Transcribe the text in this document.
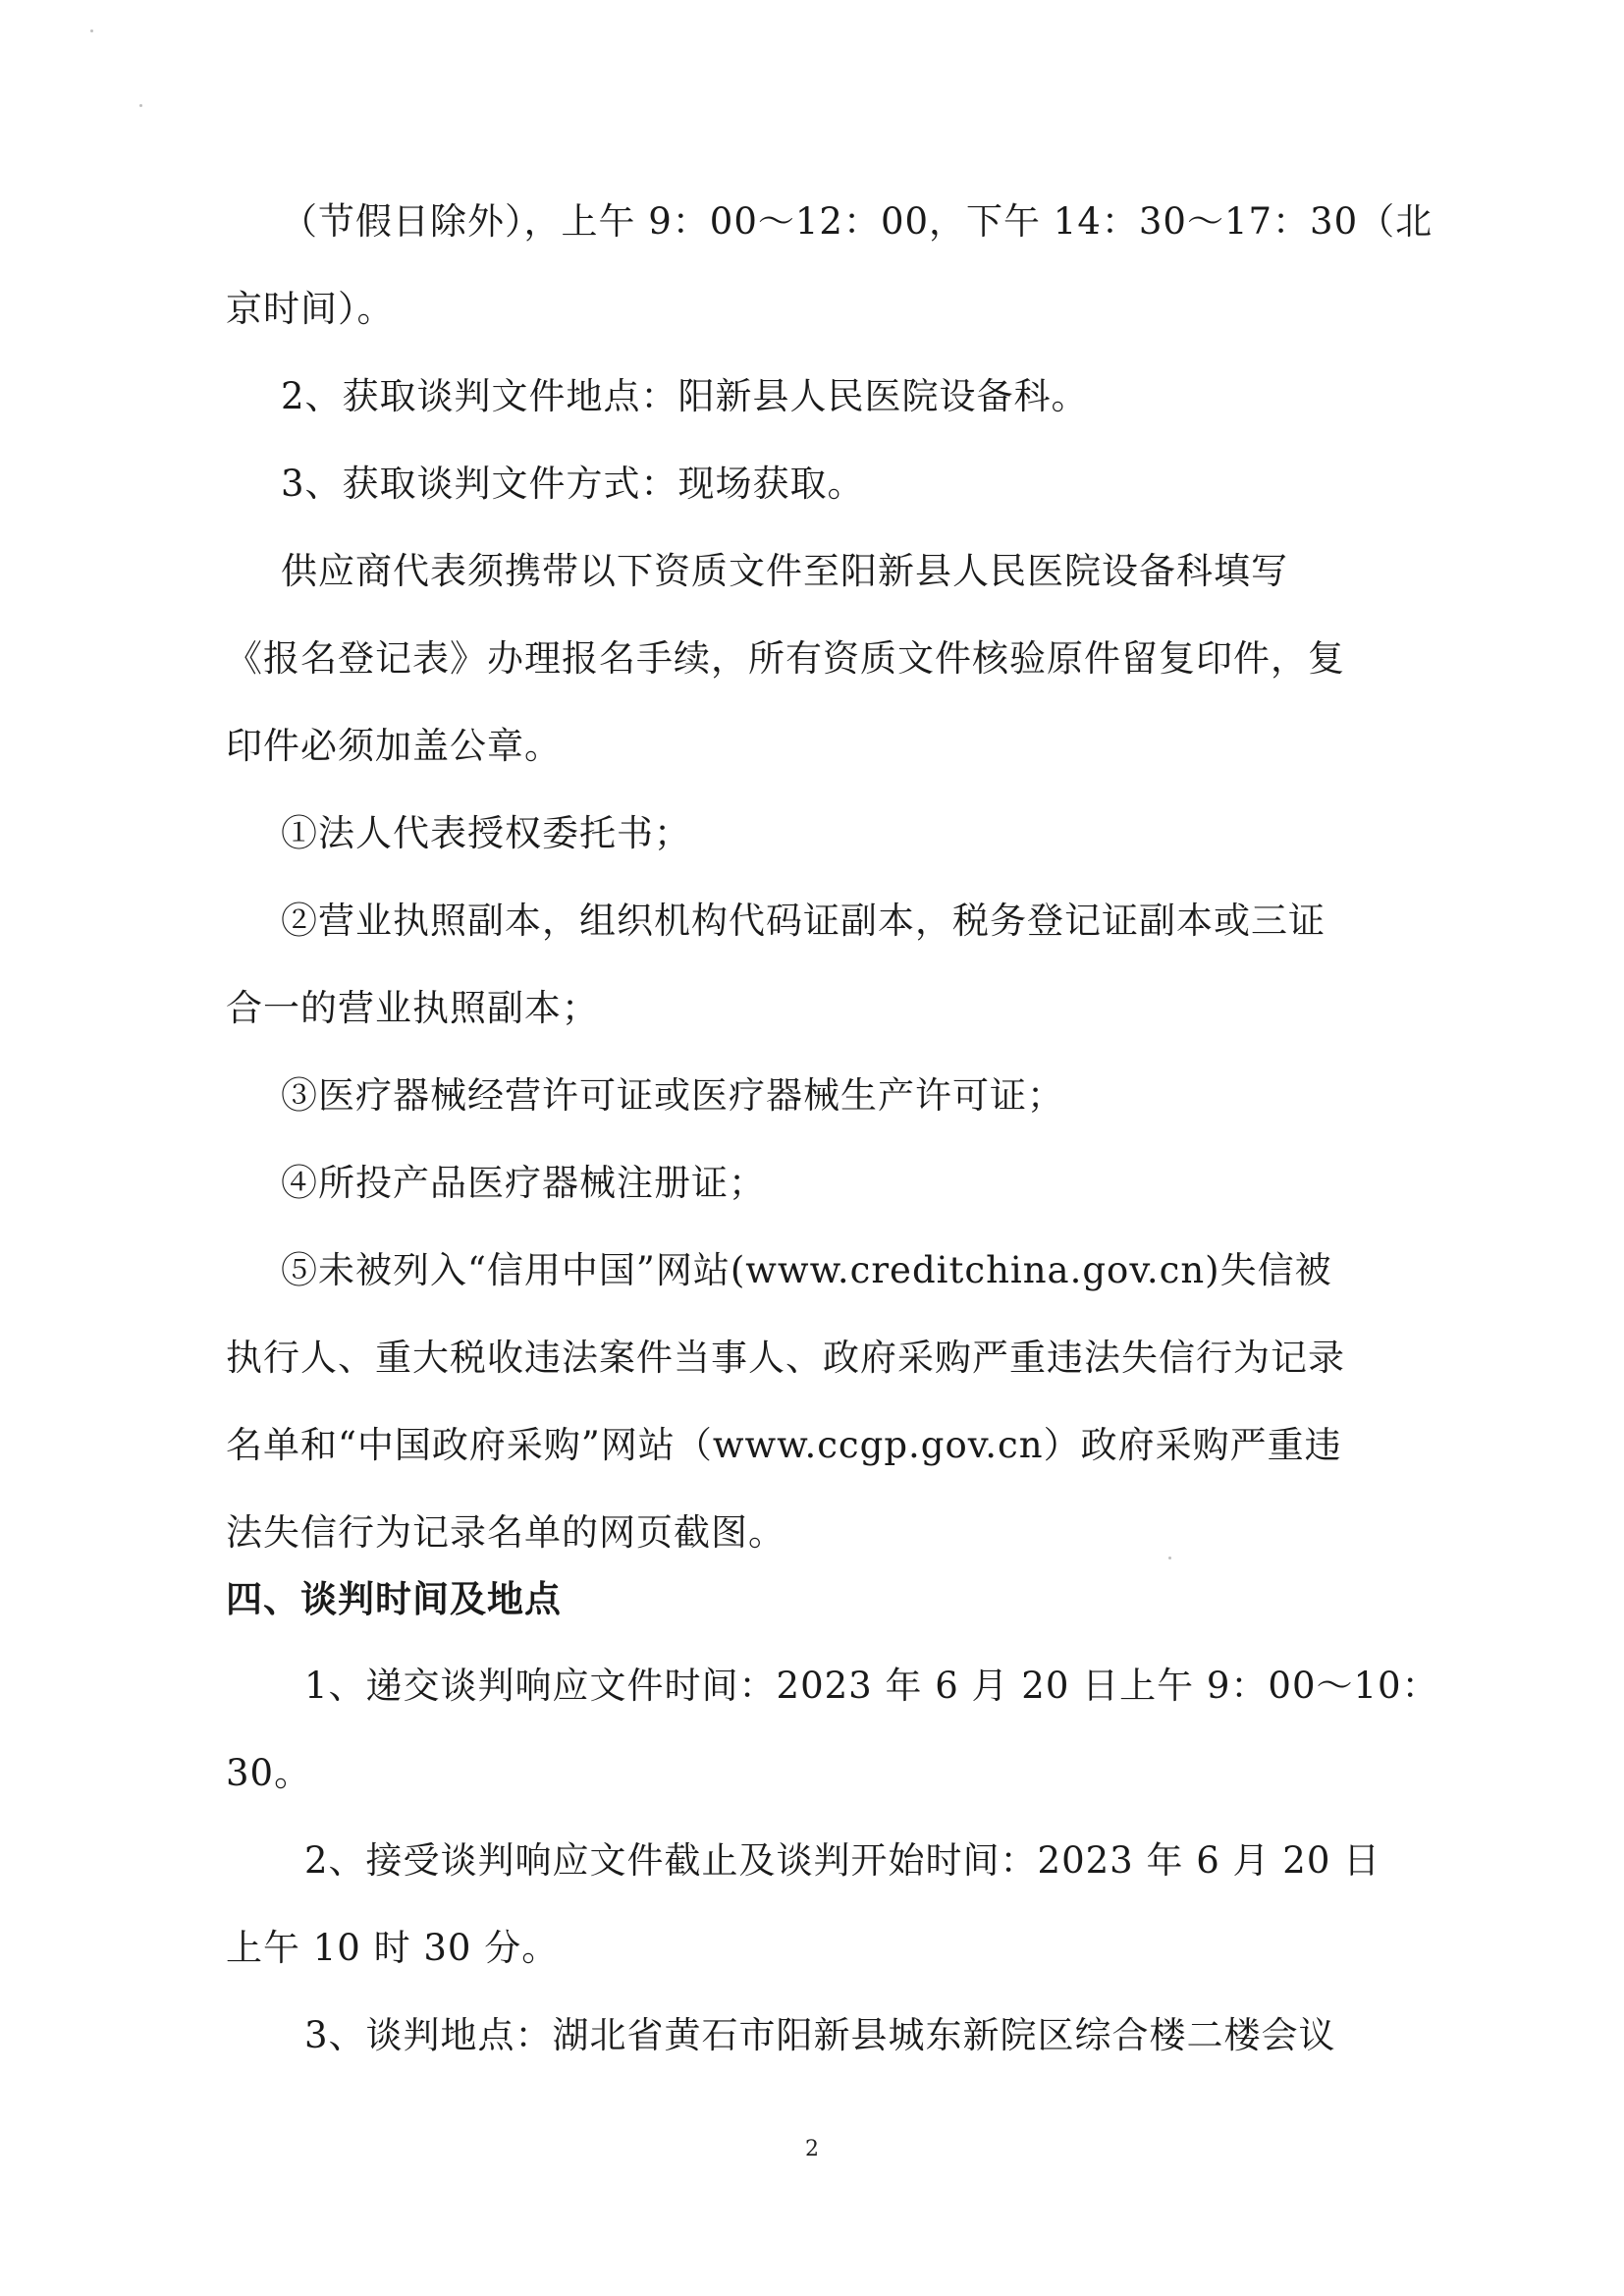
（节假日除外），上午 9：00～12：00，下午 14：30～17：30（北
京时间）。
2、获取谈判文件地点：阳新县人民医院设备科。
3、获取谈判文件方式：现场获取。
供应商代表须携带以下资质文件至阳新县人民医院设备科填写
《报名登记表》办理报名手续，所有资质文件核验原件留复印件，复
印件必须加盖公章。
①法人代表授权委托书；
②营业执照副本，组织机构代码证副本，税务登记证副本或三证
合一的营业执照副本；
③医疗器械经营许可证或医疗器械生产许可证；
④所投产品医疗器械注册证；
⑤未被列入“信用中国”网站(www.creditchina.gov.cn)失信被
执行人、重大税收违法案件当事人、政府采购严重违法失信行为记录
名单和“中国政府采购”网站（www.ccgp.gov.cn）政府采购严重违
法失信行为记录名单的网页截图。
四、谈判时间及地点
1、递交谈判响应文件时间：2023 年 6 月 20 日上午 9：00～10：
30。
2、接受谈判响应文件截止及谈判开始时间：2023 年 6 月 20 日
上午 10 时 30 分。
3、谈判地点：湖北省黄石市阳新县城东新院区综合楼二楼会议
2
